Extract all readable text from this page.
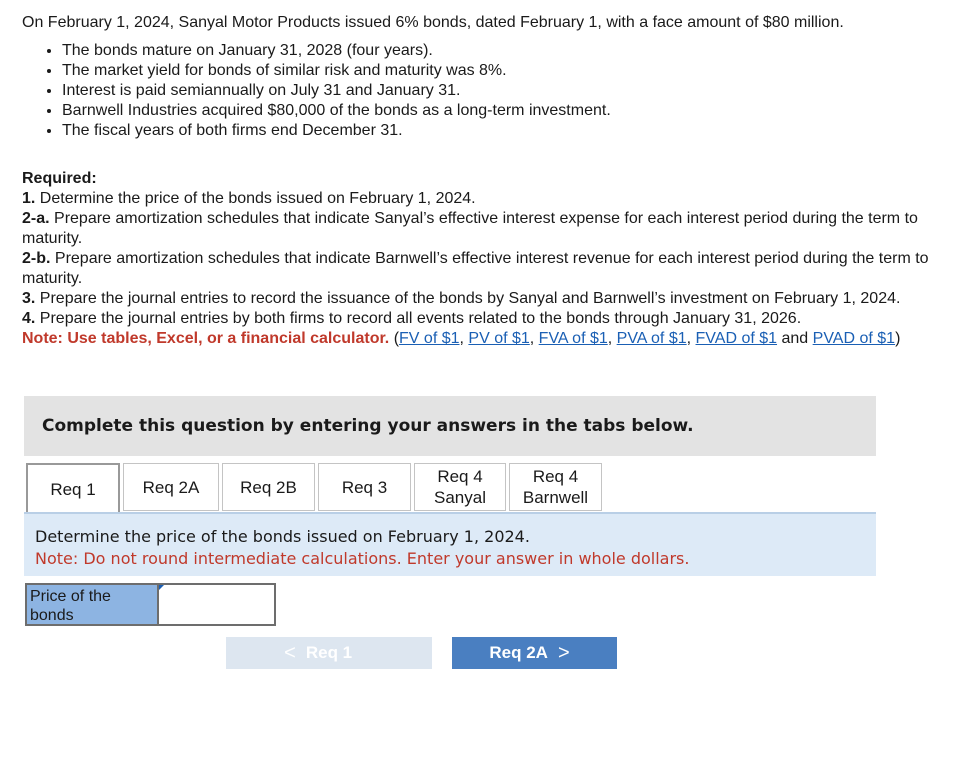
On February 1, 2024, Sanyal Motor Products issued 6% bonds, dated February 1, with a face amount of $80 million.

• The bonds mature on January 31, 2028 (four years).
• The market yield for bonds of similar risk and maturity was 8%.
• Interest is paid semiannually on July 31 and January 31.
• Barnwell Industries acquired $80,000 of the bonds as a long-term investment.
• The fiscal years of both firms end December 31.

Required:

1. Determine the price of the bonds issued on February 1, 2024.

2-a. Prepare amortization schedules that indicate Sanyal’s effective interest expense for each interest period during the term to maturity.

2-b. Prepare amortization schedules that indicate Barnwell’s effective interest revenue for each interest period during the term to maturity.

3. Prepare the journal entries to record the issuance of the bonds by Sanyal and Barnwell’s investment on February 1, 2024.

4. Prepare the journal entries by both firms to record all events related to the bonds through January 31, 2026.

Note: Use tables, Excel, or a financial calculator. (FV of $1, PV of $1, FVA of $1, PVA of $1, FVAD of $1 and PVAD of $1)

Complete this question by entering your answers in the tabs below.
Req 1	Req 2A Req 2B	Req 3
Req 4
Sanyal
Req 4
Barnwell
Determine the price of the bonds issued on February 1, 2024.
Note: Do not round intermediate calculations. Enter your answer in whole dollars.
Price of the bonds
< Req 1	Req 2A >
